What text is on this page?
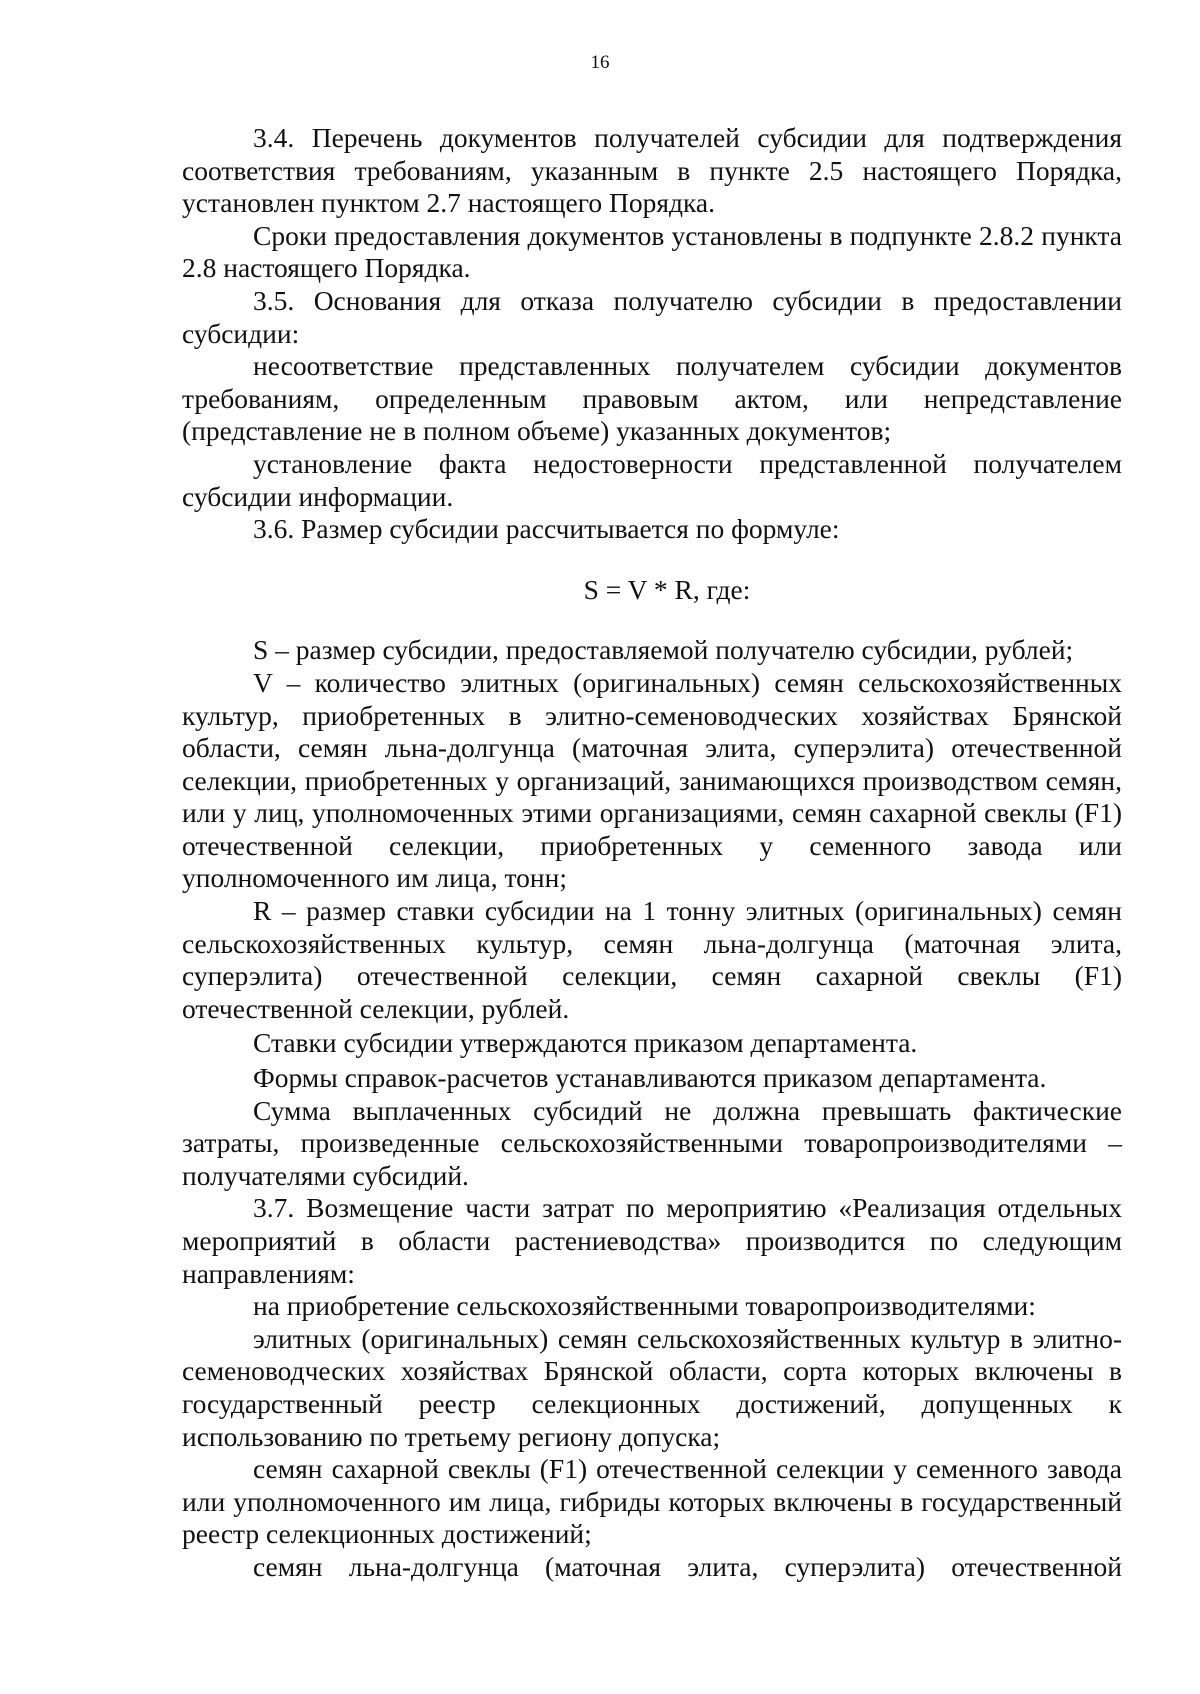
16

3.4. Перечень документов получателей субсидии для подтверждения соответствия требованиям, указанным в пункте 2.5 настоящего Порядка, установлен пунктом 2.7 настоящего Порядка.

Сроки предоставления документов установлены в подпункте 2.8.2 пункта 2.8 настоящего Порядка.

3.5. Основания для отказа получателю субсидии в предоставлении субсидии:

несоответствие представленных получателем субсидии документов требованиям, определенным правовым актом, или непредставление (представление не в полном объеме) указанных документов;

установление факта недостоверности представленной получателем субсидии информации.

3.6. Размер субсидии рассчитывается по формуле:

S = V * R, где:

S – размер субсидии, предоставляемой получателю субсидии, рублей;

V – количество элитных (оригинальных) семян сельскохозяйственных культур, приобретенных в элитно-семеноводческих хозяйствах Брянской области, семян льна-долгунца (маточная элита, суперэлита) отечественной селекции, приобретенных у организаций, занимающихся производством семян, или у лиц, уполномоченных этими организациями, семян сахарной свеклы (F1) отечественной селекции, приобретенных у семенного завода или уполномоченного им лица, тонн;

R – размер ставки субсидии на 1 тонну элитных (оригинальных) семян сельскохозяйственных культур, семян льна-долгунца (маточная элита, суперэлита) отечественной селекции, семян сахарной свеклы (F1) отечественной селекции, рублей.

Ставки субсидии утверждаются приказом департамента.

Формы справок-расчетов устанавливаются приказом департамента.

Сумма выплаченных субсидий не должна превышать фактические затраты, произведенные сельскохозяйственными товаропроизводителями – получателями субсидий.

3.7. Возмещение части затрат по мероприятию «Реализация отдельных мероприятий в области растениеводства» производится по следующим направлениям:

на приобретение сельскохозяйственными товаропроизводителями:

элитных (оригинальных) семян сельскохозяйственных культур в элитно-семеноводческих хозяйствах Брянской области, сорта которых включены в государственный реестр селекционных достижений, допущенных к использованию по третьему региону допуска;

семян сахарной свеклы (F1) отечественной селекции у семенного завода или уполномоченного им лица, гибриды которых включены в государственный реестр селекционных достижений;

семян льна-долгунца (маточная элита, суперэлита) отечественной
